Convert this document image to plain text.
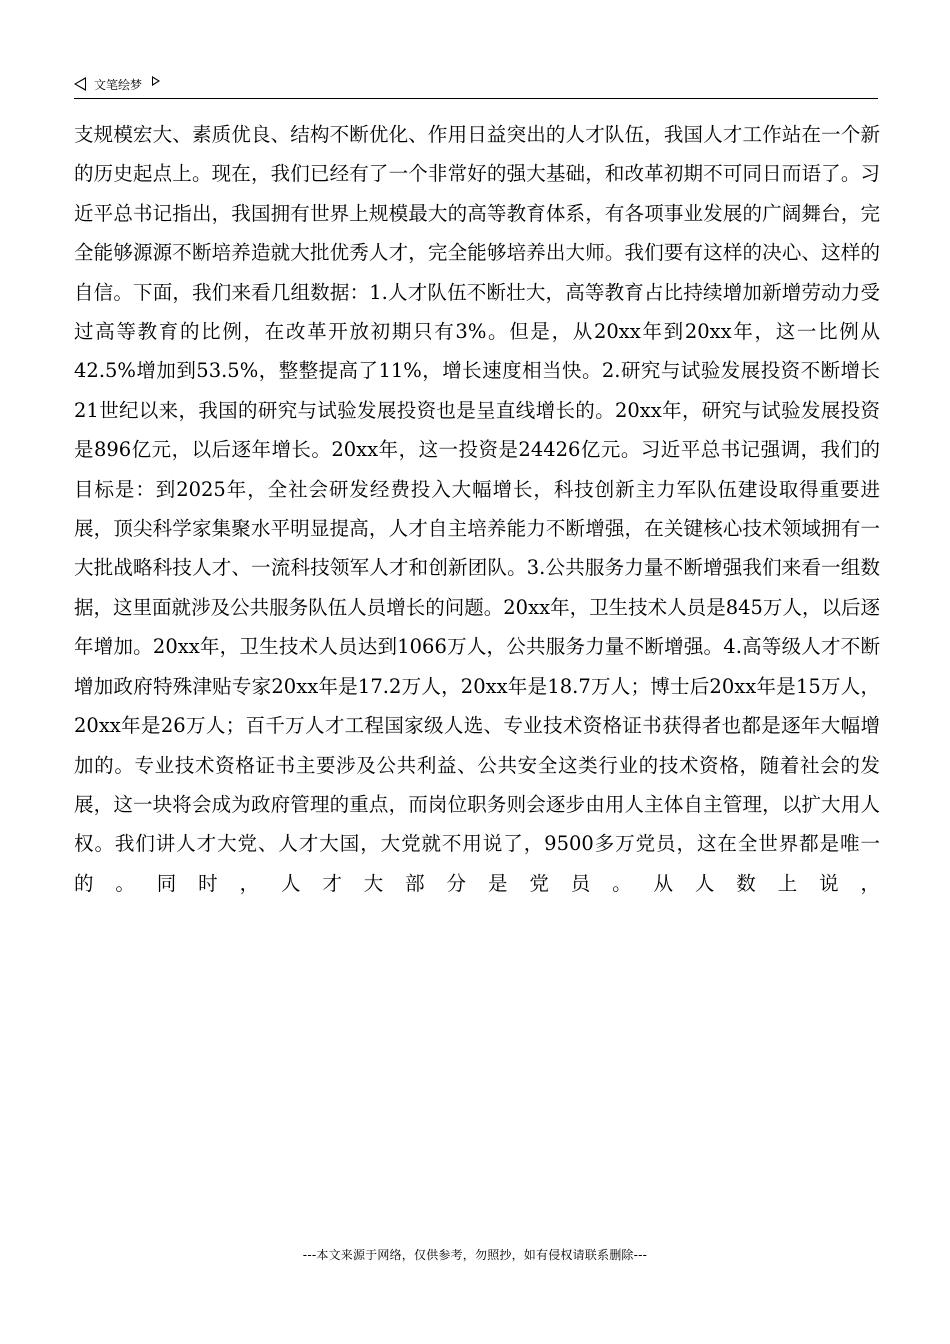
文笔绘梦

支规模宏大、素质优良、结构不断优化、作用日益突出的人才队伍，我国人才工作站在一个新的历史起点上。现在，我们已经有了一个非常好的强大基础，和改革初期不可同日而语了。习近平总书记指出，我国拥有世界上规模最大的高等教育体系，有各项事业发展的广阔舞台，完全能够源源不断培养造就大批优秀人才，完全能够培养出大师。我们要有这样的决心、这样的自信。下面，我们来看几组数据：1.人才队伍不断壮大，高等教育占比持续增加新增劳动力受过高等教育的比例，在改革开放初期只有3%。但是，从20xx年到20xx年，这一比例从42.5%增加到53.5%，整整提高了11%，增长速度相当快。2.研究与试验发展投资不断增长21世纪以来，我国的研究与试验发展投资也是呈直线增长的。20xx年，研究与试验发展投资是896亿元，以后逐年增长。20xx年，这一投资是24426亿元。习近平总书记强调，我们的目标是：到2025年，全社会研发经费投入大幅增长，科技创新主力军队伍建设取得重要进展，顶尖科学家集聚水平明显提高，人才自主培养能力不断增强，在关键核心技术领域拥有一大批战略科技人才、一流科技领军人才和创新团队。3.公共服务力量不断增强我们来看一组数据，这里面就涉及公共服务队伍人员增长的问题。20xx年，卫生技术人员是845万人，以后逐年增加。20xx年，卫生技术人员达到1066万人，公共服务力量不断增强。4.高等级人才不断增加政府特殊津贴专家20xx年是17.2万人，20xx年是18.7万人；博士后20xx年是15万人，20xx年是26万人；百千万人才工程国家级人选、专业技术资格证书获得者也都是逐年大幅增加的。专业技术资格证书主要涉及公共利益、公共安全这类行业的技术资格，随着社会的发展，这一块将会成为政府管理的重点，而岗位职务则会逐步由用人主体自主管理，以扩大用人权。我们讲人才大党、人才大国，大党就不用说了，9500多万党员，这在全世界都是唯一的。同时，人才大部分是党员。从人数上说，

---本文来源于网络，仅供参考，勿照抄，如有侵权请联系删除---
